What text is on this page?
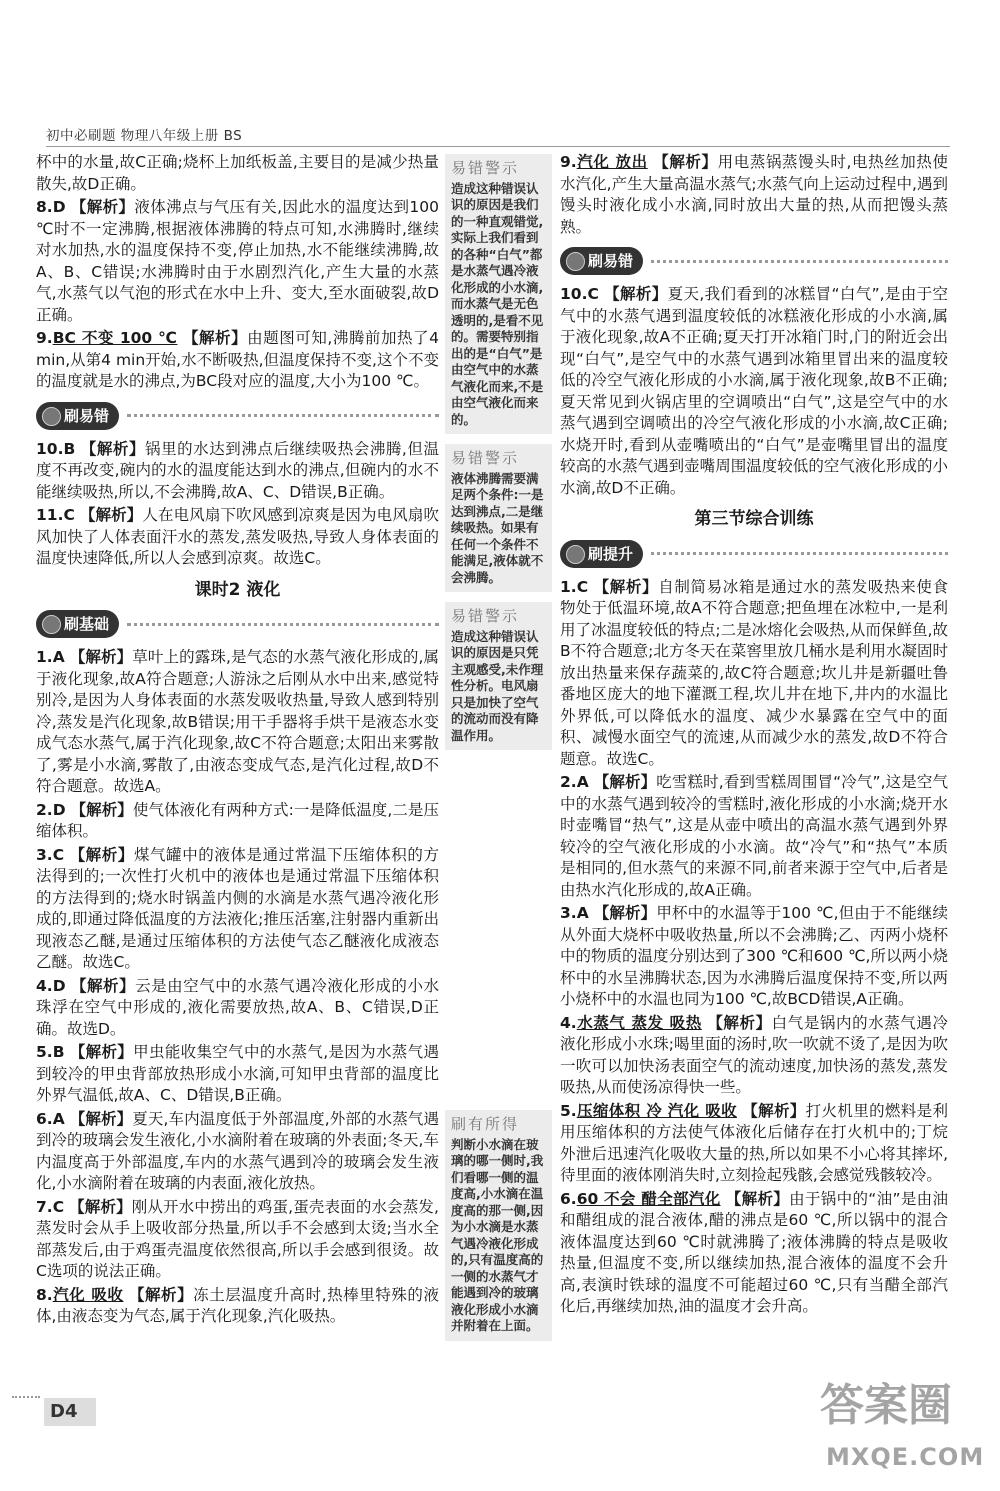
初中必刷题 物理八年级上册 BS

杯中的水量,故C正确;烧杯上加纸板盖,主要目的是减少热量散失,故D正确。

8.D 【解析】液体沸点与气压有关,因此水的温度达到100 ℃时不一定沸腾,根据液体沸腾的特点可知,水沸腾时,继续对水加热,水的温度保持不变,停止加热,水不能继续沸腾,故A、B、C错误;水沸腾时由于水剧烈汽化,产生大量的水蒸气,水蒸气以气泡的形式在水中上升、变大,至水面破裂,故D正确。

9.BC 不变 100 ℃ 【解析】由题图可知,沸腾前加热了4 min,从第4 min开始,水不断吸热,但温度保持不变,这个不变的温度就是水的沸点,为BC段对应的温度,大小为100 ℃。

刷易错

10.B 【解析】锅里的水达到沸点后继续吸热会沸腾,但温度不再改变,碗内的水的温度能达到水的沸点,但碗内的水不能继续吸热,所以,不会沸腾,故A、C、D错误,B正确。

11.C 【解析】人在电风扇下吹风感到凉爽是因为电风扇吹风加快了人体表面汗水的蒸发,蒸发吸热,导致人身体表面的温度快速降低,所以人会感到凉爽。故选C。

课时2 液化
刷基础

1.A 【解析】草叶上的露珠,是气态的水蒸气液化形成的,属于液化现象,故A符合题意;人游泳之后刚从水中出来,感觉特别冷,是因为人身体表面的水蒸发吸收热量,导致人感到特别冷,蒸发是汽化现象,故B错误;用干手器将手烘干是液态水变成气态水蒸气,属于汽化现象,故C不符合题意;太阳出来雾散了,雾是小水滴,雾散了,由液态变成气态,是汽化过程,故D不符合题意。故选A。

2.D 【解析】使气体液化有两种方式:一是降低温度,二是压缩体积。

3.C 【解析】煤气罐中的液体是通过常温下压缩体积的方法得到的;一次性打火机中的液体也是通过常温下压缩体积的方法得到的;烧水时锅盖内侧的水滴是水蒸气遇冷液化形成的,即通过降低温度的方法液化;推压活塞,注射器内重新出现液态乙醚,是通过压缩体积的方法使气态乙醚液化成液态乙醚。故选C。

4.D 【解析】云是由空气中的水蒸气遇冷液化形成的小水珠浮在空气中形成的,液化需要放热,故A、B、C错误,D正确。故选D。

5.B 【解析】甲虫能收集空气中的水蒸气,是因为水蒸气遇到较冷的甲虫背部放热形成小水滴,可知甲虫背部的温度比外界气温低,故A、C、D错误,B正确。

6.A 【解析】夏天,车内温度低于外部温度,外部的水蒸气遇到冷的玻璃会发生液化,小水滴附着在玻璃的外表面;冬天,车内温度高于外部温度,车内的水蒸气遇到冷的玻璃会发生液化,小水滴附着在玻璃的内表面,液化放热。

7.C 【解析】刚从开水中捞出的鸡蛋,蛋壳表面的水会蒸发,蒸发时会从手上吸收部分热量,所以手不会感到太烫;当水全部蒸发后,由于鸡蛋壳温度依然很高,所以手会感到很烫。故C选项的说法正确。

8.汽化 吸收 【解析】冻土层温度升高时,热棒里特殊的液体,由液态变为气态,属于汽化现象,汽化吸热。

易错警示
造成这种错误认识的原因是我们的一种直观错觉,实际上我们看到的各种“白气”都是水蒸气遇冷液化形成的小水滴,而水蒸气是无色透明的,是看不见的。需要特别指出的是“白气”是由空气中的水蒸气液化而来,不是由空气液化而来的。
易错警示
液体沸腾需要满足两个条件:一是达到沸点,二是继续吸热。如果有任何一个条件不能满足,液体就不会沸腾。
易错警示
造成这种错误认识的原因是只凭主观感受,未作理性分析。电风扇只是加快了空气的流动而没有降温作用。
刷有所得
判断小水滴在玻璃的哪一侧时,我们看哪一侧的温度高,小水滴在温度高的那一侧,因为小水滴是水蒸气遇冷液化形成的,只有温度高的一侧的水蒸气才能遇到冷的玻璃液化形成小水滴并附着在上面。

9.汽化 放出 【解析】用电蒸锅蒸馒头时,电热丝加热使水汽化,产生大量高温水蒸气;水蒸气向上运动过程中,遇到馒头时液化成小水滴,同时放出大量的热,从而把馒头蒸熟。

刷易错

10.C 【解析】夏天,我们看到的冰糕冒“白气”,是由于空气中的水蒸气遇到温度较低的冰糕液化形成的小水滴,属于液化现象,故A不正确;夏天打开冰箱门时,门的附近会出现“白气”,是空气中的水蒸气遇到冰箱里冒出来的温度较低的冷空气液化形成的小水滴,属于液化现象,故B不正确;夏天常见到火锅店里的空调喷出“白气”,这是空气中的水蒸气遇到空调喷出的冷空气液化形成的小水滴,故C正确;水烧开时,看到从壶嘴喷出的“白气”是壶嘴里冒出的温度较高的水蒸气遇到壶嘴周围温度较低的空气液化形成的小水滴,故D不正确。

第三节综合训练
刷提升

1.C 【解析】自制简易冰箱是通过水的蒸发吸热来使食物处于低温环境,故A不符合题意;把鱼埋在冰粒中,一是利用了冰温度较低的特点;二是冰熔化会吸热,从而保鲜鱼,故B不符合题意;北方冬天在菜窖里放几桶水是利用水凝固时放出热量来保存蔬菜的,故C符合题意;坎儿井是新疆吐鲁番地区庞大的地下灌溉工程,坎儿井在地下,井内的水温比外界低,可以降低水的温度、减少水暴露在空气中的面积、减慢水面空气的流速,从而减少水的蒸发,故D不符合题意。故选C。

2.A 【解析】吃雪糕时,看到雪糕周围冒“冷气”,这是空气中的水蒸气遇到较冷的雪糕时,液化形成的小水滴;烧开水时壶嘴冒“热气”,这是从壶中喷出的高温水蒸气遇到外界较冷的空气液化形成的小水滴。故“冷气”和“热气”本质是相同的,但水蒸气的来源不同,前者来源于空气中,后者是由热水汽化形成的,故A正确。

3.A 【解析】甲杯中的水温等于100 ℃,但由于不能继续从外面大烧杯中吸收热量,所以不会沸腾;乙、丙两小烧杯中的物质的温度分别达到了300 ℃和600 ℃,所以两小烧杯中的水呈沸腾状态,因为水沸腾后温度保持不变,所以两小烧杯中的水温也同为100 ℃,故BCD错误,A正确。

4.水蒸气 蒸发 吸热 【解析】白气是锅内的水蒸气遇冷液化形成小水珠;喝里面的汤时,吹一吹就不烫了,是因为吹一吹可以加快汤表面空气的流动速度,加快汤的蒸发,蒸发吸热,从而使汤凉得快一些。

5.压缩体积 冷 汽化 吸收 【解析】打火机里的燃料是利用压缩体积的方法使气体液化后储存在打火机中的;丁烷外泄后迅速汽化吸收大量的热,所以如果不小心将其摔坏,待里面的液体刚消失时,立刻捡起残骸,会感觉残骸较冷。

6.60 不会 醋全部汽化 【解析】由于锅中的“油”是由油和醋组成的混合液体,醋的沸点是60 ℃,所以锅中的混合液体温度达到60 ℃时就沸腾了;液体沸腾的特点是吸收热量,但温度不变,所以继续加热,混合液体的温度不会升高,表演时铁球的温度不可能超过60 ℃,只有当醋全部汽化后,再继续加热,油的温度才会升高。

D4	答案圈
MXQE.COM
